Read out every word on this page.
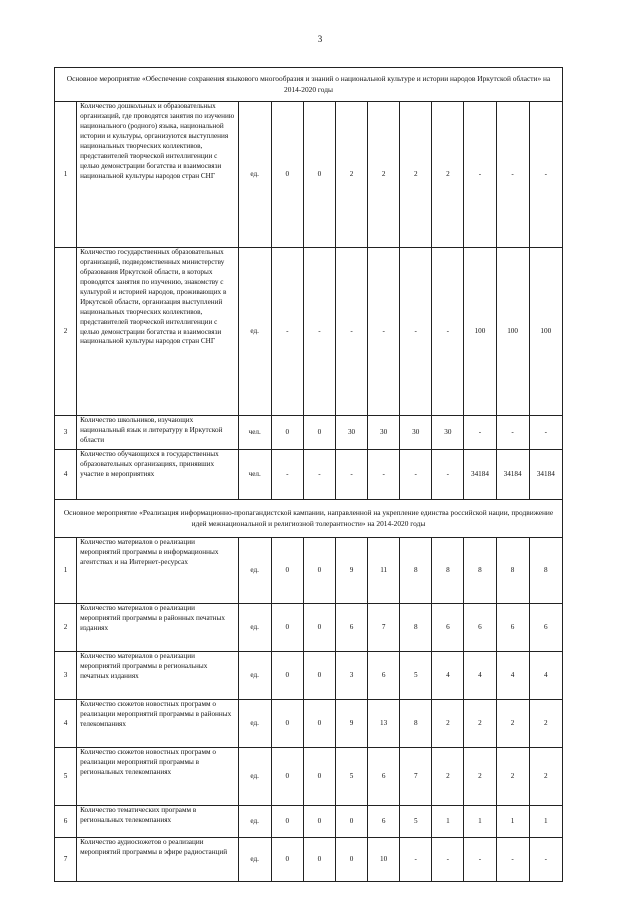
3
Основное мероприятие «Обеспечение сохранения языкового многообразия и знаний о национальной культуре и истории народов Иркутской области» на 2014-2020 годы											
1	Количество дошкольных и образовательных организаций, где проводятся занятия по изучению национального (родного) языка, национальной истории и культуры, организуются выступления национальных творческих коллективов, представителей творческой интеллигенции с целью демонстрации богатства и взаимосвязи национальной культуры народов стран СНГ	ед.	0	0	2	2	2	2	-	-	-
2	Количество государственных образовательных организаций, подведомственных министерству образования Иркутской области, в которых проводятся занятия по изучению, знакомству с культурой и историей народов, проживающих в Иркутской области, организация выступлений национальных творческих коллективов, представителей творческой интеллигенции с целью демонстрации богатства и взаимосвязи национальной культуры народов стран СНГ	ед.	-	-	-	-	-	-	100	100	100
3	Количество школьников, изучающих национальный язык и литературу в Иркутской области	чел.	0	0	30	30	30	30	-	-	-
4	Количество обучающихся в государственных образовательных организациях, принявших участие в мероприятиях	чел.	-	-	-	-	-	-	34184	34184	34184
Основное мероприятие «Реализация информационно-пропагандистской кампании, направленной на укрепление единства российской нации, продвижение идей межнациональной и религиозной толерантности» на 2014-2020 годы											
1	Количество материалов о реализации мероприятий программы в информационных агентствах и на Интернет-ресурсах	ед.	0	0	9	11	8	8	8	8	8
2	Количество материалов о реализации мероприятий программы в районных печатных изданиях	ед.	0	0	6	7	8	6	6	6	6
3	Количество материалов о реализации мероприятий программы в региональных печатных изданиях	ед.	0	0	3	6	5	4	4	4	4
4	Количество сюжетов новостных программ о реализации мероприятий программы в районных телекомпаниях	ед.	0	0	9	13	8	2	2	2	2
5	Количество сюжетов новостных программ о реализации мероприятий программы в региональных телекомпаниях	ед.	0	0	5	6	7	2	2	2	2
6	Количество тематических программ в региональных телекомпаниях	ед.	0	0	0	6	5	1	1	1	1
7	Количество аудиосюжетов о реализации мероприятий программы в эфире радиостанций	ед.	0	0	0	10	-	-	-	-	-
